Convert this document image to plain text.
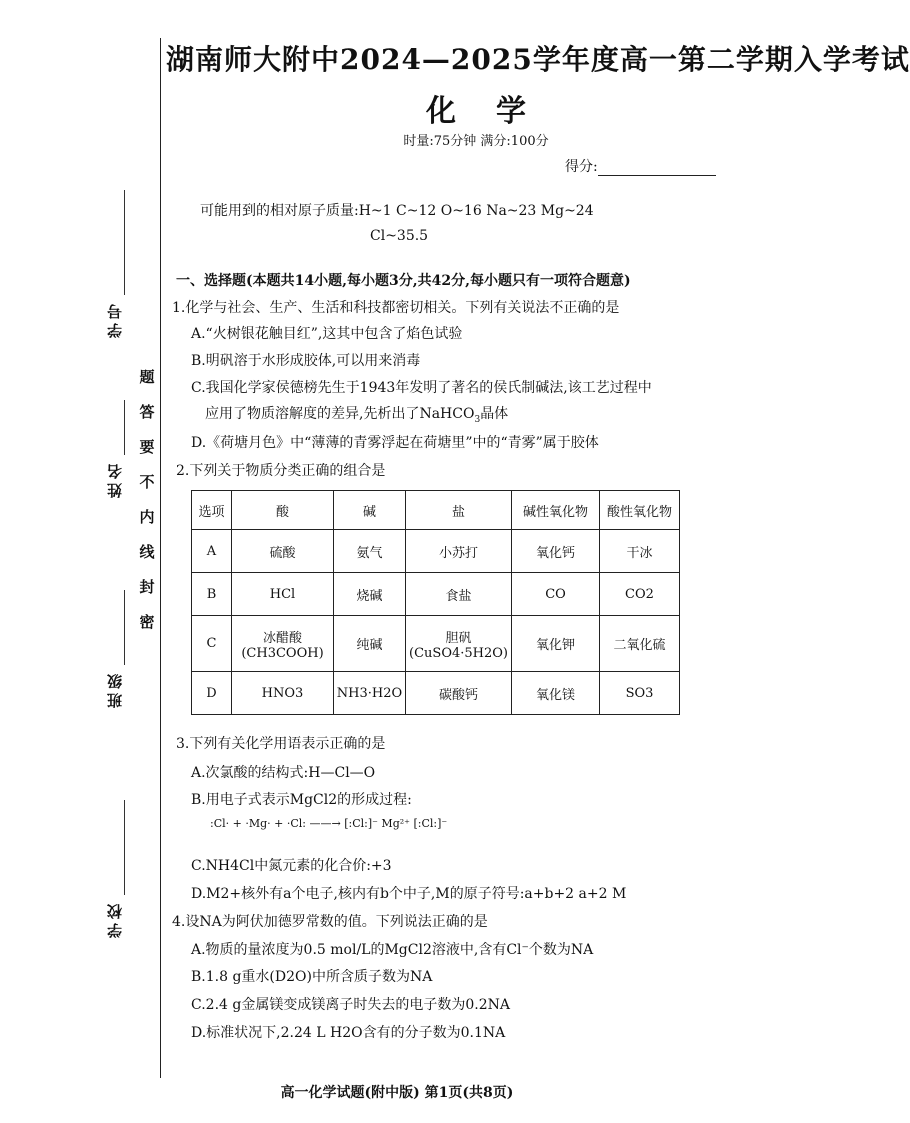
学校
班级
姓名
学号
题
答
要
不
内
线
封
密
湖南师大附中2024—2025学年度高一第二学期入学考试
化学
时量:75分钟 满分:100分
得分:
可能用到的相对原子质量:H~1 C~12 O~16 Na~23 Mg~24
Cl~35.5
一、选择题(本题共14小题,每小题3分,共42分,每小题只有一项符合题意)
1.化学与社会、生产、生活和科技都密切相关。下列有关说法不正确的是
A.“火树银花触目红”,这其中包含了焰色试验
B.明矾溶于水形成胶体,可以用来消毒
C.我国化学家侯德榜先生于1943年发明了著名的侯氏制碱法,该工艺过程中
应用了物质溶解度的差异,先析出了NaHCO$_3$晶体
D.《荷塘月色》中“薄薄的青雾浮起在荷塘里”中的“青雾”属于胶体
2.下列关于物质分类正确的组合是
选项	酸	碱	盐	碱性氧化物	酸性氧化物
A	硫酸	氨气	小苏打	氧化钙	干冰
B	HCl	烧碱	食盐	CO	CO2
C	冰醋酸(CH3COOH)	纯碱	胆矾(CuSO4·5H2O)	氧化钾	二氧化硫
D	HNO3	NH3·H2O	碳酸钙	氧化镁	SO3
3.下列有关化学用语表示正确的是
A.次氯酸的结构式:H—Cl—O
B.用电子式表示MgCl2的形成过程:
:Cl· + ·Mg· + ·Cl: ——→ [:Cl:]⁻ Mg²⁺ [:Cl:]⁻
C.NH4Cl中氮元素的化合价:+3
D.M2+核外有a个电子,核内有b个中子,M的原子符号:a+b+2 a+2 M
4.设NA为阿伏加德罗常数的值。下列说法正确的是
A.物质的量浓度为0.5 mol/L的MgCl2溶液中,含有Cl⁻个数为NA
B.1.8 g重水(D2O)中所含质子数为NA
C.2.4 g金属镁变成镁离子时失去的电子数为0.2NA
D.标准状况下,2.24 L H2O含有的分子数为0.1NA
高一化学试题(附中版) 第1页(共8页)
